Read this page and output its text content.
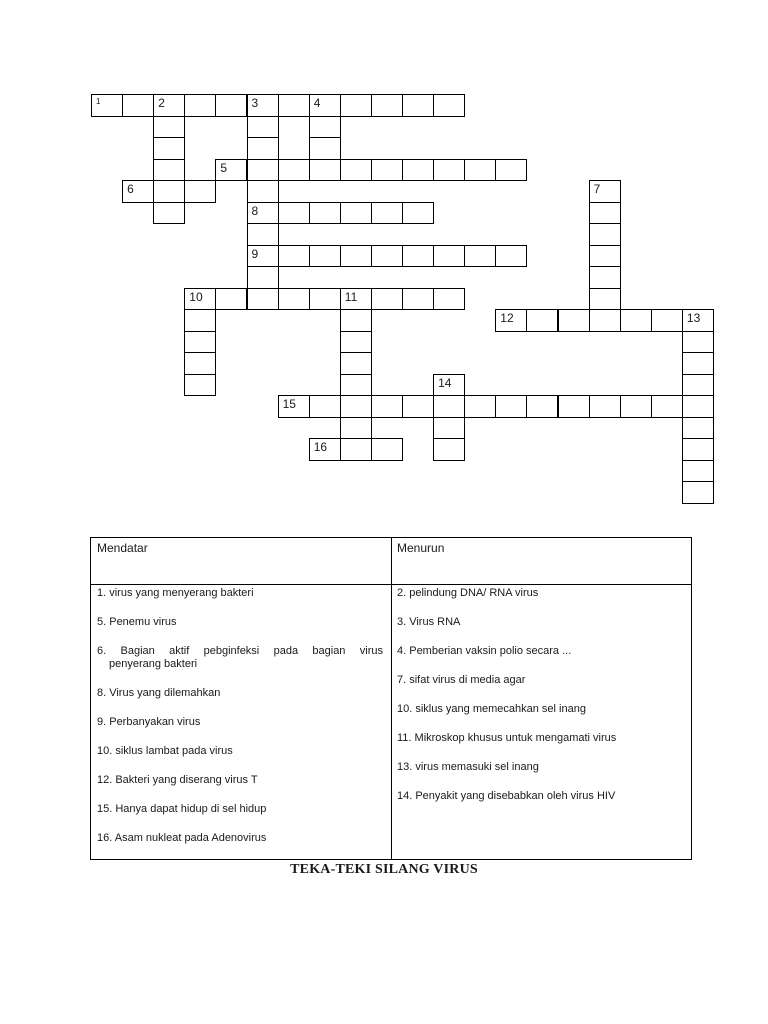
1	2	3	4
8
9
5
6	7
10	11
12	13
14
15
16
Mendatar	Menurun
1. virus yang menyerang bakteri
5. Penemu virus
6. Bagian aktif pebginfeksi pada bagian virus
penyerang bakteri
8. Virus yang dilemahkan
9. Perbanyakan virus
10. siklus lambat pada virus
12. Bakteri yang diserang virus T
15. Hanya dapat hidup di sel hidup
16. Asam nukleat pada Adenovirus
2. pelindung DNA/ RNA virus
3. Virus RNA
4. Pemberian vaksin polio secara ...
7. sifat virus di media agar
10. siklus yang memecahkan sel inang
11. Mikroskop khusus untuk mengamati virus
13. virus memasuki sel inang
14. Penyakit yang disebabkan oleh virus HIV
TEKA-TEKI SILANG VIRUS
